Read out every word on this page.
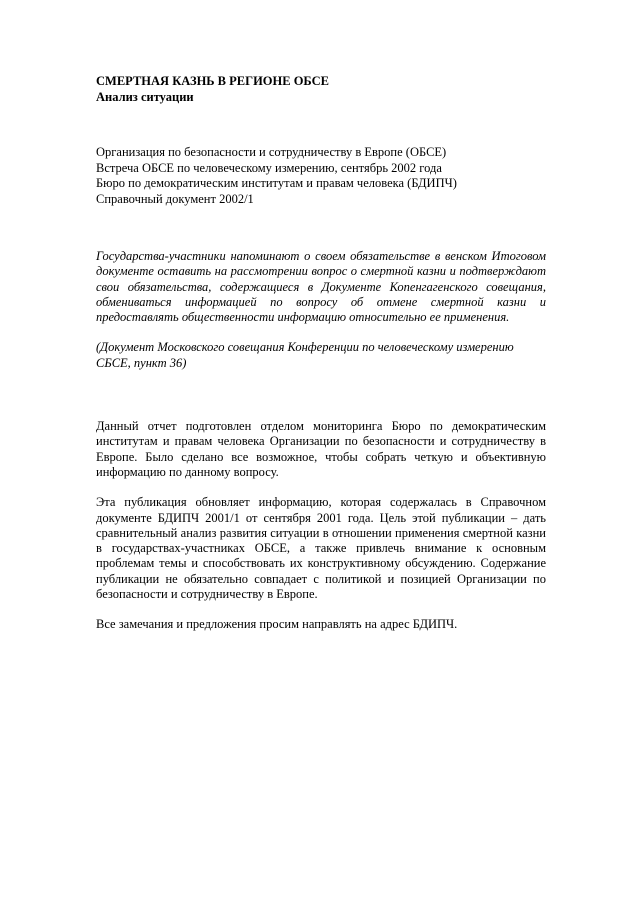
СМЕРТНАЯ КАЗНЬ В РЕГИОНЕ ОБСЕ
Анализ ситуации
Организация по безопасности и сотрудничеству в Европе (ОБСЕ)
Встреча ОБСЕ по человеческому измерению, сентябрь 2002 года
Бюро по демократическим институтам и правам человека (БДИПЧ)
Справочный документ 2002/1
Государства-участники напоминают о своем обязательстве в венском Итоговом документе оставить на рассмотрении вопрос о смертной казни и подтверждают свои обязательства, содержащиеся в Документе Копенгагенского совещания, обмениваться информацией по вопросу об отмене смертной казни и предоставлять общественности информацию относительно ее применения.
(Документ Московского совещания Конференции по человеческому измерению СБСЕ, пункт 36)
Данный отчет подготовлен отделом мониторинга Бюро по демократическим институтам и правам человека Организации по безопасности и сотрудничеству в Европе. Было сделано все возможное, чтобы собрать четкую и объективную информацию по данному вопросу.
Эта публикация обновляет информацию, которая содержалась в Справочном документе БДИПЧ 2001/1 от сентября 2001 года. Цель этой публикации – дать сравнительный анализ развития ситуации в отношении применения смертной казни в государствах-участниках ОБСЕ, а также привлечь внимание к основным проблемам темы и способствовать их конструктивному обсуждению. Содержание публикации не обязательно совпадает с политикой и позицией Организации по безопасности и сотрудничеству в Европе.
Все замечания и предложения просим направлять на адрес БДИПЧ.
